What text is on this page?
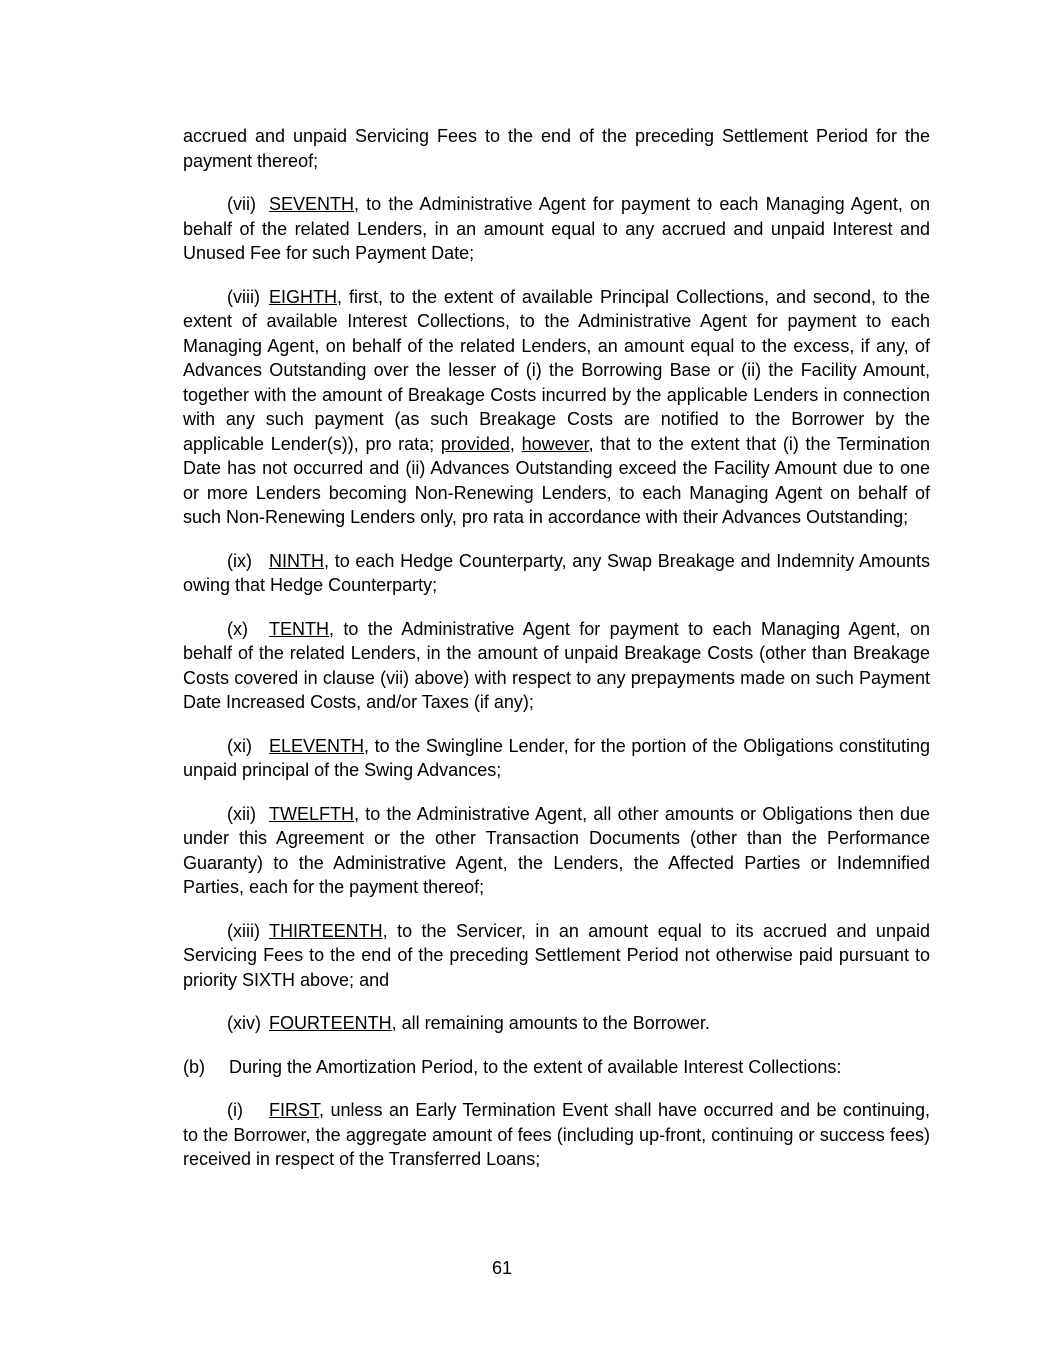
accrued and unpaid Servicing Fees to the end of the preceding Settlement Period for the payment thereof;

(vii) SEVENTH, to the Administrative Agent for payment to each Managing Agent, on behalf of the related Lenders, in an amount equal to any accrued and unpaid Interest and Unused Fee for such Payment Date;

(viii) EIGHTH, first, to the extent of available Principal Collections, and second, to the extent of available Interest Collections, to the Administrative Agent for payment to each Managing Agent, on behalf of the related Lenders, an amount equal to the excess, if any, of Advances Outstanding over the lesser of (i) the Borrowing Base or (ii) the Facility Amount, together with the amount of Breakage Costs incurred by the applicable Lenders in connection with any such payment (as such Breakage Costs are notified to the Borrower by the applicable Lender(s)), pro rata; provided, however, that to the extent that (i) the Termination Date has not occurred and (ii) Advances Outstanding exceed the Facility Amount due to one or more Lenders becoming Non-Renewing Lenders, to each Managing Agent on behalf of such Non-Renewing Lenders only, pro rata in accordance with their Advances Outstanding;

(ix) NINTH, to each Hedge Counterparty, any Swap Breakage and Indemnity Amounts owing that Hedge Counterparty;

(x) TENTH, to the Administrative Agent for payment to each Managing Agent, on behalf of the related Lenders, in the amount of unpaid Breakage Costs (other than Breakage Costs covered in clause (vii) above) with respect to any prepayments made on such Payment Date Increased Costs, and/or Taxes (if any);

(xi) ELEVENTH, to the Swingline Lender, for the portion of the Obligations constituting unpaid principal of the Swing Advances;

(xii) TWELFTH, to the Administrative Agent, all other amounts or Obligations then due under this Agreement or the other Transaction Documents (other than the Performance Guaranty) to the Administrative Agent, the Lenders, the Affected Parties or Indemnified Parties, each for the payment thereof;

(xiii) THIRTEENTH, to the Servicer, in an amount equal to its accrued and unpaid Servicing Fees to the end of the preceding Settlement Period not otherwise paid pursuant to priority SIXTH above; and

(xiv) FOURTEENTH, all remaining amounts to the Borrower.

(b) During the Amortization Period, to the extent of available Interest Collections:

(i) FIRST, unless an Early Termination Event shall have occurred and be continuing, to the Borrower, the aggregate amount of fees (including up-front, continuing or success fees) received in respect of the Transferred Loans;

61
